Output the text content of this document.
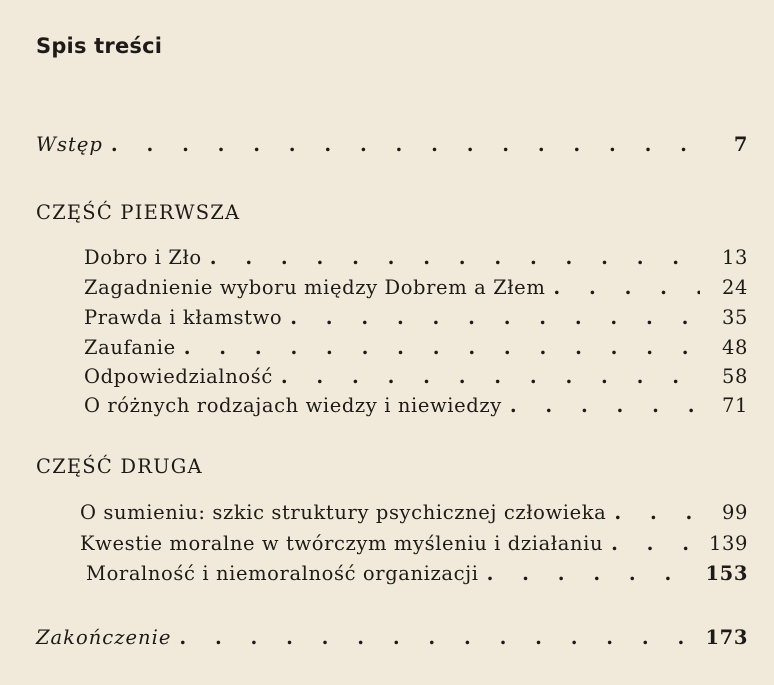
Spis treści
Wstęp . . .	7
CZĘŚĆ PIERWSZA
Dobro i Zło . . .	13
Zagadnienie wyboru między Dobrem a Złem . . .	24
Prawda i kłamstwo . . .	35
Zaufanie . . .	48
Odpowiedzialność . . .	58
O różnych rodzajach wiedzy i niewiedzy . . .	71
CZĘŚĆ DRUGA
O sumieniu: szkic struktury psychicznej człowieka . . .	99
Kwestie moralne w twórczym myśleniu i działaniu . . .	139
Moralność i niemoralność organizacji . . .	153
Zakończenie . . .	173
